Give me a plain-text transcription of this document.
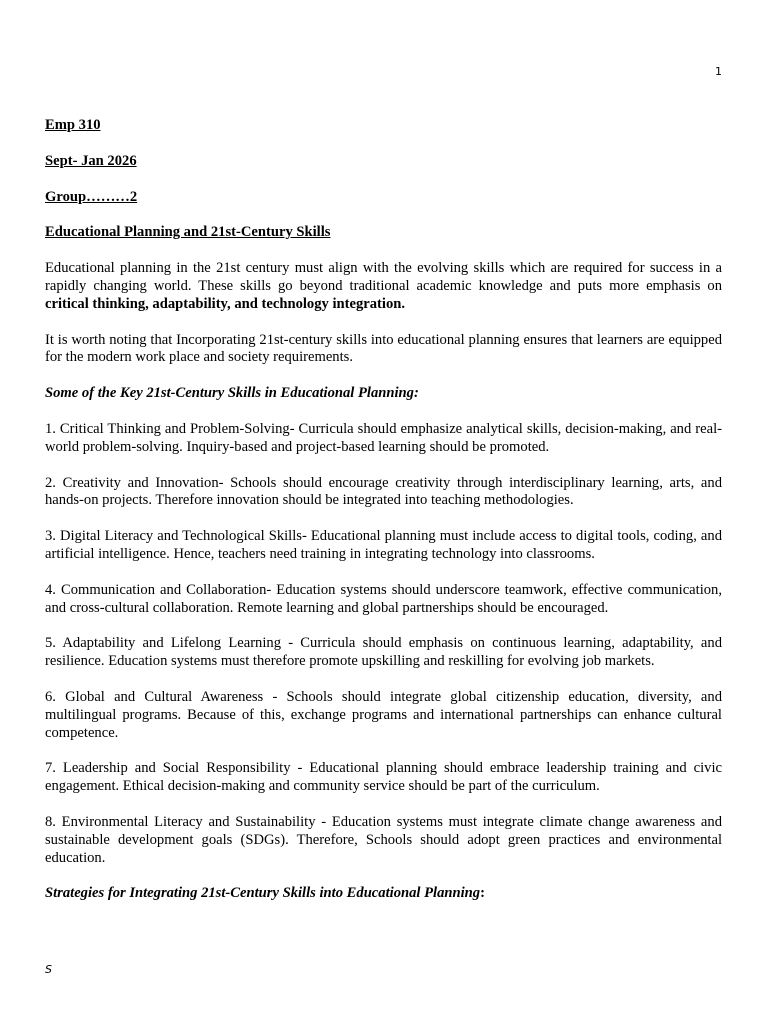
1

Emp 310

Sept- Jan 2026

Group………2

Educational Planning and 21st-Century Skills

Educational planning in the 21st century must align with the evolving skills which are required for success in a rapidly changing world. These skills go beyond traditional academic knowledge and puts more emphasis on critical thinking, adaptability, and technology integration.

It is worth noting that Incorporating 21st-century skills into educational planning ensures that learners are equipped for the modern work place and society requirements.

Some of the Key 21st-Century Skills in Educational Planning:

1. Critical Thinking and Problem-Solving- Curricula should emphasize analytical skills, decision-making, and real-world problem-solving. Inquiry-based and project-based learning should be promoted.

2. Creativity and Innovation- Schools should encourage creativity through interdisciplinary learning, arts, and hands-on projects. Therefore innovation should be integrated into teaching methodologies.

3. Digital Literacy and Technological Skills- Educational planning must include access to digital tools, coding, and artificial intelligence. Hence, teachers need training in integrating technology into classrooms.

4. Communication and Collaboration- Education systems should underscore teamwork, effective communication, and cross-cultural collaboration. Remote learning and global partnerships should be encouraged.

5. Adaptability and Lifelong Learning - Curricula should emphasis on continuous learning, adaptability, and resilience. Education systems must therefore promote upskilling and reskilling for evolving job markets.

6. Global and Cultural Awareness - Schools should integrate global citizenship education, diversity, and multilingual programs. Because of this, exchange programs and international partnerships can enhance cultural competence.

7. Leadership and Social Responsibility - Educational planning should embrace leadership training and civic engagement. Ethical decision-making and community service should be part of the curriculum.

8. Environmental Literacy and Sustainability - Education systems must integrate climate change awareness and sustainable development goals (SDGs). Therefore, Schools should adopt green practices and environmental education.

Strategies for Integrating 21st-Century Skills into Educational Planning:

S
